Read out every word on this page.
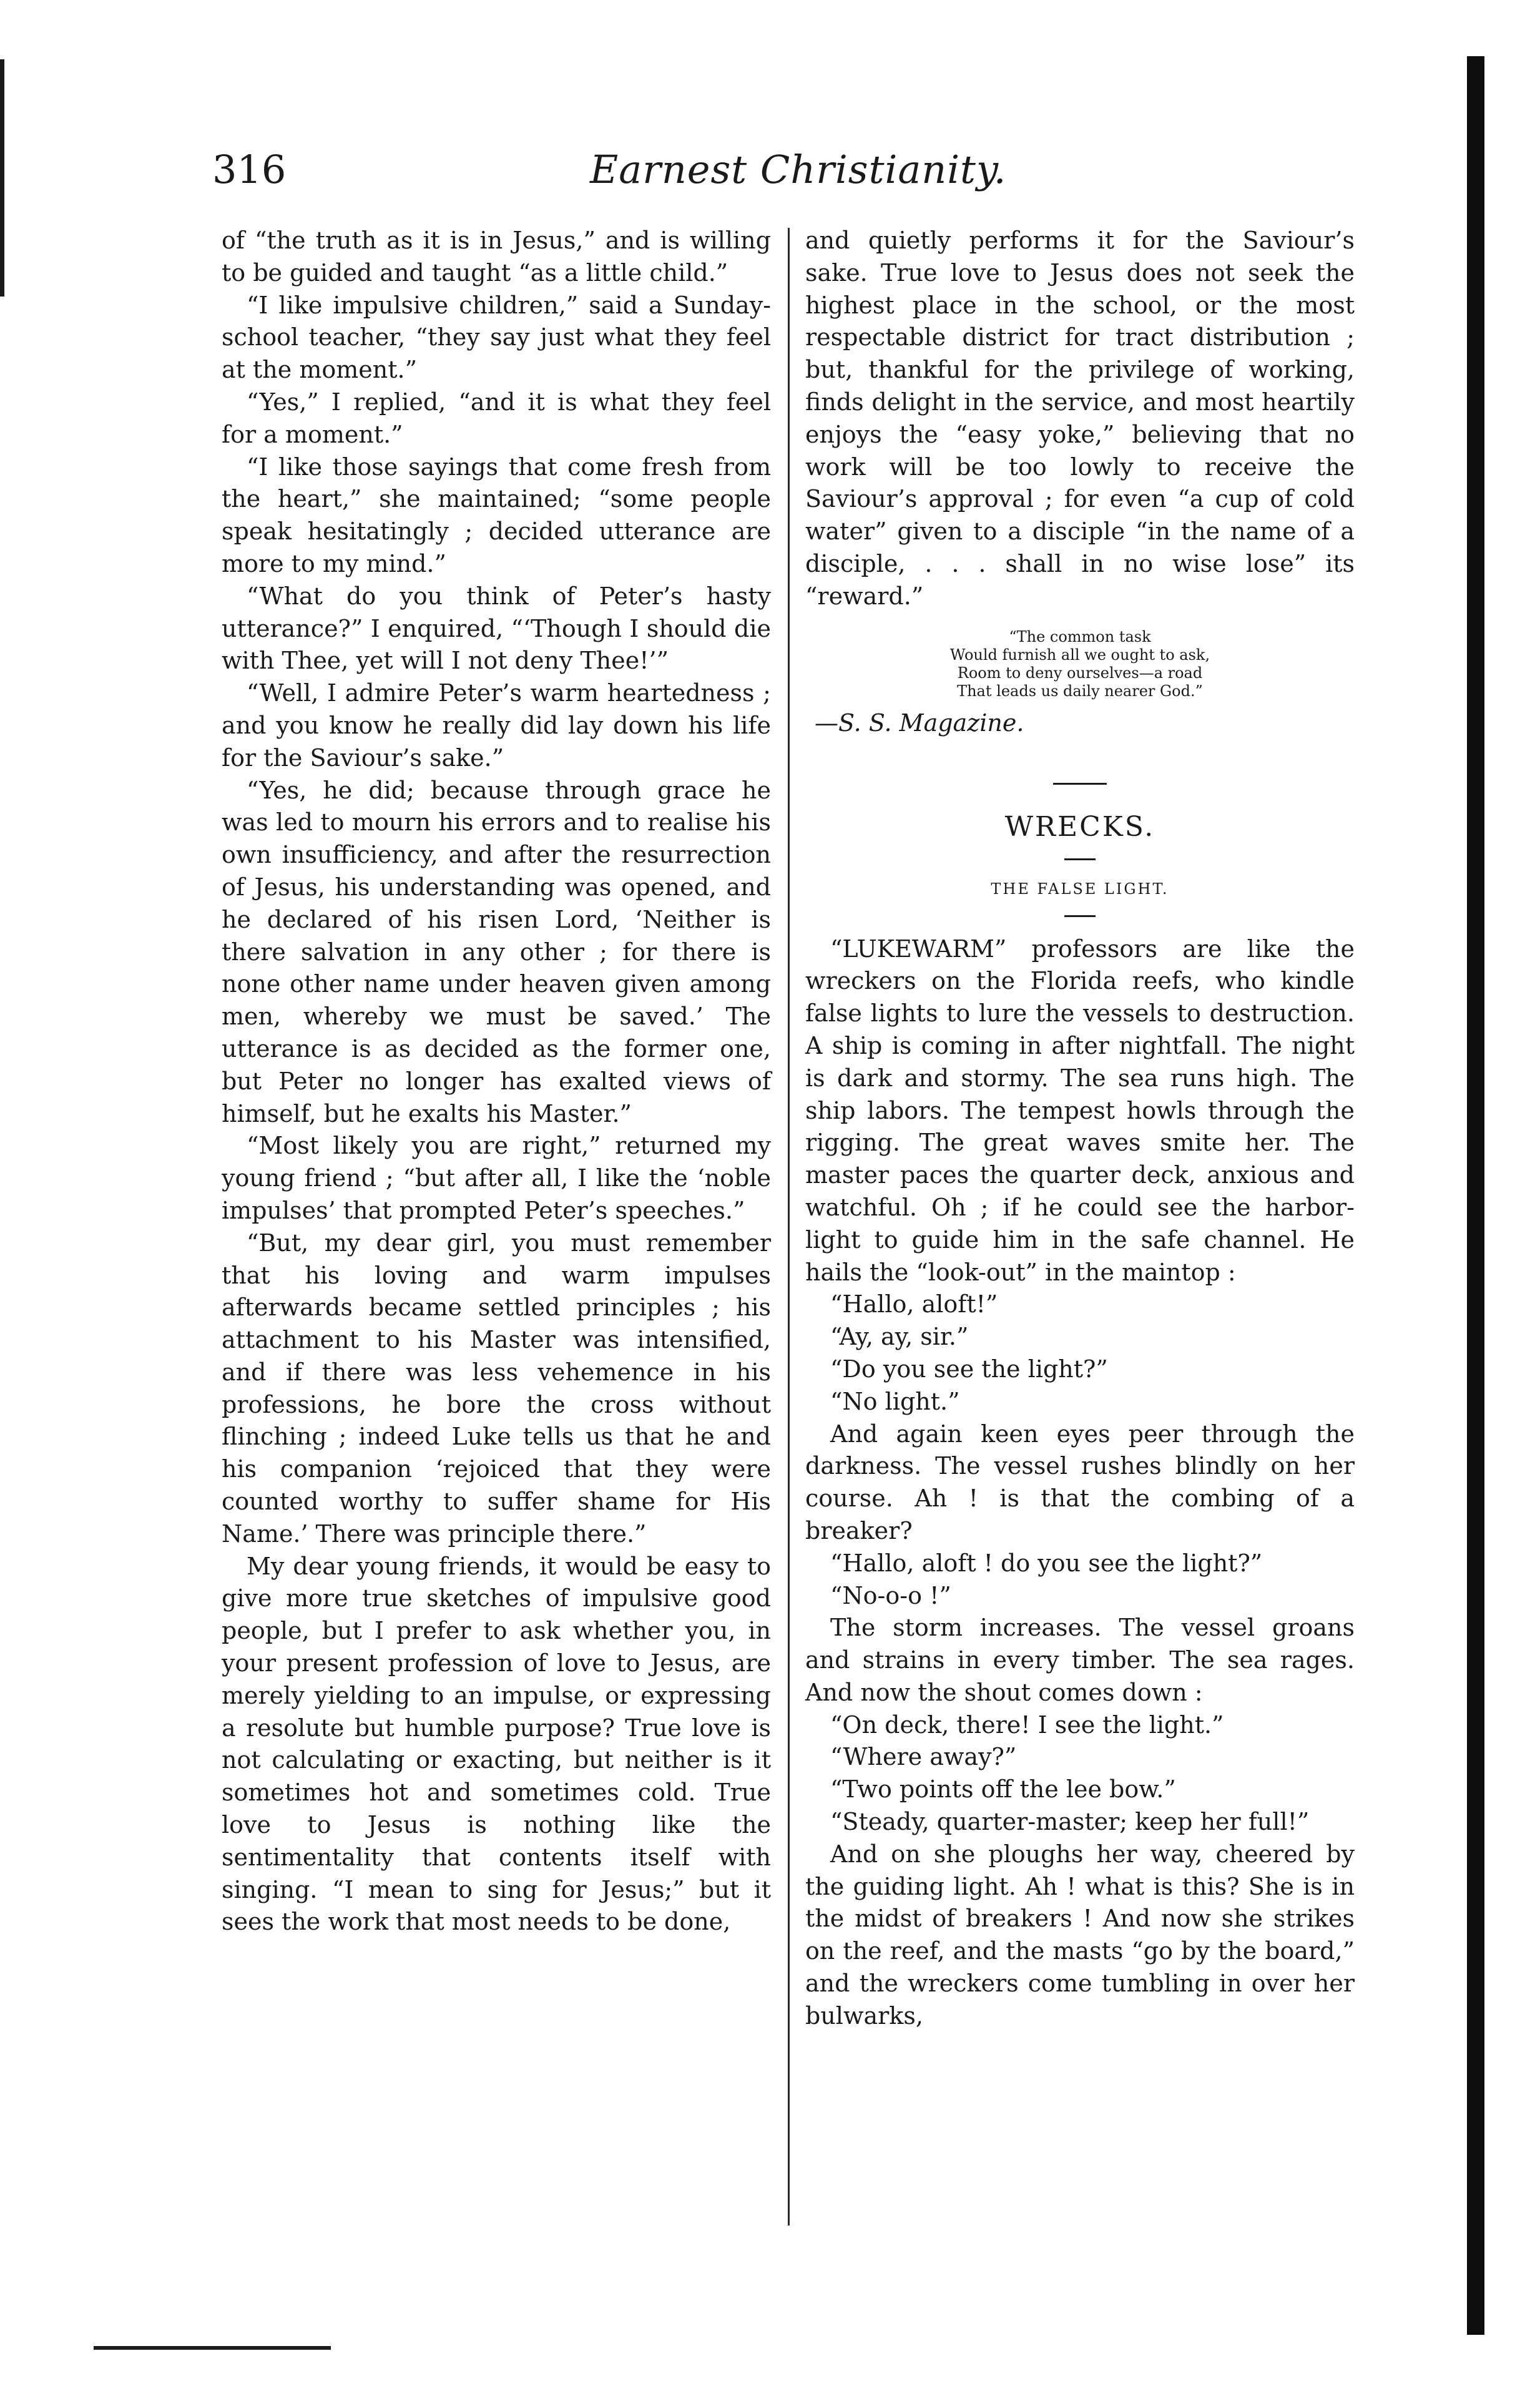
316	Earnest Christianity.

of “the truth as it is in Jesus,” and is willing to be guided and taught “as a little child.”

“I like impulsive children,” said a Sunday-school teacher, “they say just what they feel at the moment.”

“Yes,” I replied, “and it is what they feel for a moment.”

“I like those sayings that come fresh from the heart,” she maintained; “some people speak hesitatingly ; decided utterance are more to my mind.”

“What do you think of Peter’s hasty utterance?” I enquired, “‘Though I should die with Thee, yet will I not deny Thee!’”

“Well, I admire Peter’s warm heartedness ; and you know he really did lay down his life for the Saviour’s sake.”

“Yes, he did; because through grace he was led to mourn his errors and to realise his own insufficiency, and after the resurrection of Jesus, his understanding was opened, and he declared of his risen Lord, ‘Neither is there salvation in any other ; for there is none other name under heaven given among men, whereby we must be saved.’ The utterance is as decided as the former one, but Peter no longer has exalted views of himself, but he exalts his Master.”

“Most likely you are right,” returned my young friend ; “but after all, I like the ‘noble impulses’ that prompted Peter’s speeches.”

“But, my dear girl, you must remember that his loving and warm impulses afterwards became settled principles ; his attachment to his Master was intensified, and if there was less vehemence in his professions, he bore the cross without flinching ; indeed Luke tells us that he and his companion ‘rejoiced that they were counted worthy to suffer shame for His Name.’ There was principle there.”

My dear young friends, it would be easy to give more true sketches of impulsive good people, but I prefer to ask whether you, in your present profession of love to Jesus, are merely yielding to an impulse, or expressing a resolute but humble purpose? True love is not calculating or exacting, but neither is it sometimes hot and sometimes cold. True love to Jesus is nothing like the sentimentality that contents itself with singing. “I mean to sing for Jesus;” but it sees the work that most needs to be done,

and quietly performs it for the Saviour’s sake. True love to Jesus does not seek the highest place in the school, or the most respectable district for tract distribution ; but, thankful for the privilege of working, finds delight in the service, and most heartily enjoys the “easy yoke,” believing that no work will be too lowly to receive the Saviour’s approval ; for even “a cup of cold water” given to a disciple “in the name of a disciple, . . . shall in no wise lose” its “reward.”

“The common task
Would furnish all we ought to ask,
Room to deny ourselves—a road
That leads us daily nearer God.”
—S. S. Magazine.
WRECKS.
THE FALSE LIGHT.

“LUKEWARM” professors are like the wreckers on the Florida reefs, who kindle false lights to lure the vessels to destruction. A ship is coming in after nightfall. The night is dark and stormy. The sea runs high. The ship labors. The tempest howls through the rigging. The great waves smite her. The master paces the quarter deck, anxious and watchful. Oh ; if he could see the harbor-light to guide him in the safe channel. He hails the “look-out” in the maintop :

“Hallo, aloft!”

“Ay, ay, sir.”

“Do you see the light?”

“No light.”

And again keen eyes peer through the darkness. The vessel rushes blindly on her course. Ah ! is that the combing of a breaker?

“Hallo, aloft ! do you see the light?”

“No-o-o !”

The storm increases. The vessel groans and strains in every timber. The sea rages. And now the shout comes down :

“On deck, there! I see the light.”

“Where away?”

“Two points off the lee bow.”

“Steady, quarter-master; keep her full!”

And on she ploughs her way, cheered by the guiding light. Ah ! what is this? She is in the midst of breakers ! And now she strikes on the reef, and the masts “go by the board,” and the wreckers come tumbling in over her bulwarks,
